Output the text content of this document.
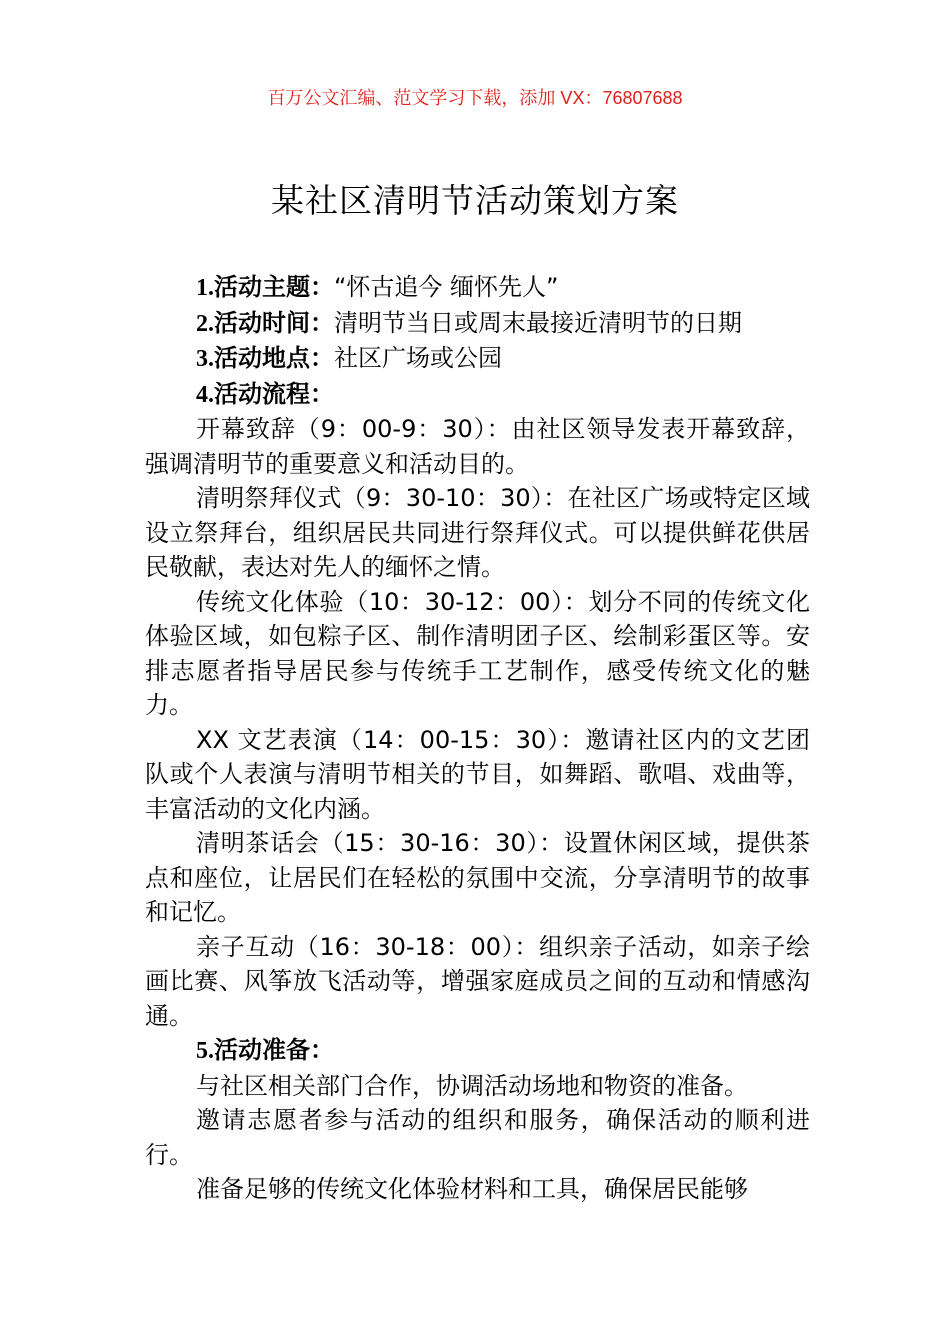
百万公文汇编、范文学习下载，添加 VX：76807688
某社区清明节活动策划方案

1.活动主题：“怀古追今 缅怀先人”

2.活动时间：清明节当日或周末最接近清明节的日期

3.活动地点：社区广场或公园

4.活动流程：

开幕致辞（9：00-9：30）：由社区领导发表开幕致辞，强调清明节的重要意义和活动目的。

清明祭拜仪式（9：30-10：30）：在社区广场或特定区域设立祭拜台，组织居民共同进行祭拜仪式。可以提供鲜花供居民敬献，表达对先人的缅怀之情。

传统文化体验（10：30-12：00）：划分不同的传统文化体验区域，如包粽子区、制作清明团子区、绘制彩蛋区等。安排志愿者指导居民参与传统手工艺制作，感受传统文化的魅力。

XX 文艺表演（14：00-15：30）：邀请社区内的文艺团队或个人表演与清明节相关的节目，如舞蹈、歌唱、戏曲等，丰富活动的文化内涵。

清明茶话会（15：30-16：30）：设置休闲区域，提供茶点和座位，让居民们在轻松的氛围中交流，分享清明节的故事和记忆。

亲子互动（16：30-18：00）：组织亲子活动，如亲子绘画比赛、风筝放飞活动等，增强家庭成员之间的互动和情感沟通。

5.活动准备：

与社区相关部门合作，协调活动场地和物资的准备。

邀请志愿者参与活动的组织和服务，确保活动的顺利进行。

准备足够的传统文化体验材料和工具，确保居民能够
